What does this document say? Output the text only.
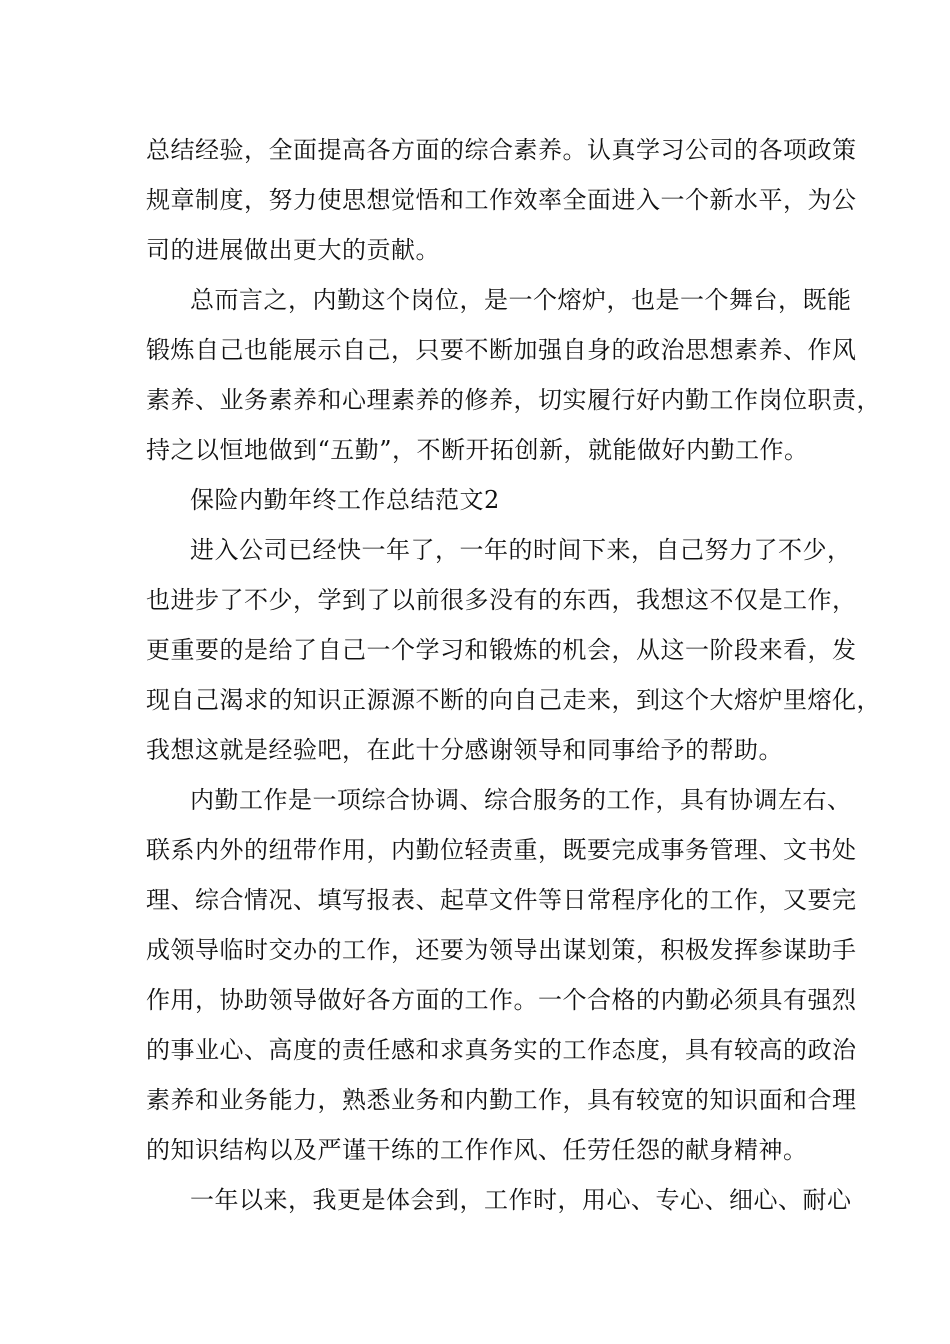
总结经验，全面提高各方面的综合素养。认真学习公司的各项政策
规章制度，努力使思想觉悟和工作效率全面进入一个新水平，为公
司的进展做出更大的贡献。
总而言之，内勤这个岗位，是一个熔炉，也是一个舞台，既能
锻炼自己也能展示自己，只要不断加强自身的政治思想素养、作风
素养、业务素养和心理素养的修养，切实履行好内勤工作岗位职责，
持之以恒地做到“五勤”，不断开拓创新，就能做好内勤工作。
保险内勤年终工作总结范文2
进入公司已经快一年了，一年的时间下来，自己努力了不少，
也进步了不少，学到了以前很多没有的东西，我想这不仅是工作，
更重要的是给了自己一个学习和锻炼的机会，从这一阶段来看，发
现自己渴求的知识正源源不断的向自己走来，到这个大熔炉里熔化，
我想这就是经验吧，在此十分感谢领导和同事给予的帮助。
内勤工作是一项综合协调、综合服务的工作，具有协调左右、
联系内外的纽带作用，内勤位轻责重，既要完成事务管理、文书处
理、综合情况、填写报表、起草文件等日常程序化的工作，又要完
成领导临时交办的工作，还要为领导出谋划策，积极发挥参谋助手
作用，协助领导做好各方面的工作。一个合格的内勤必须具有强烈
的事业心、高度的责任感和求真务实的工作态度，具有较高的政治
素养和业务能力，熟悉业务和内勤工作，具有较宽的知识面和合理
的知识结构以及严谨干练的工作作风、任劳任怨的献身精神。
一年以来，我更是体会到，工作时，用心、专心、细心、耐心
